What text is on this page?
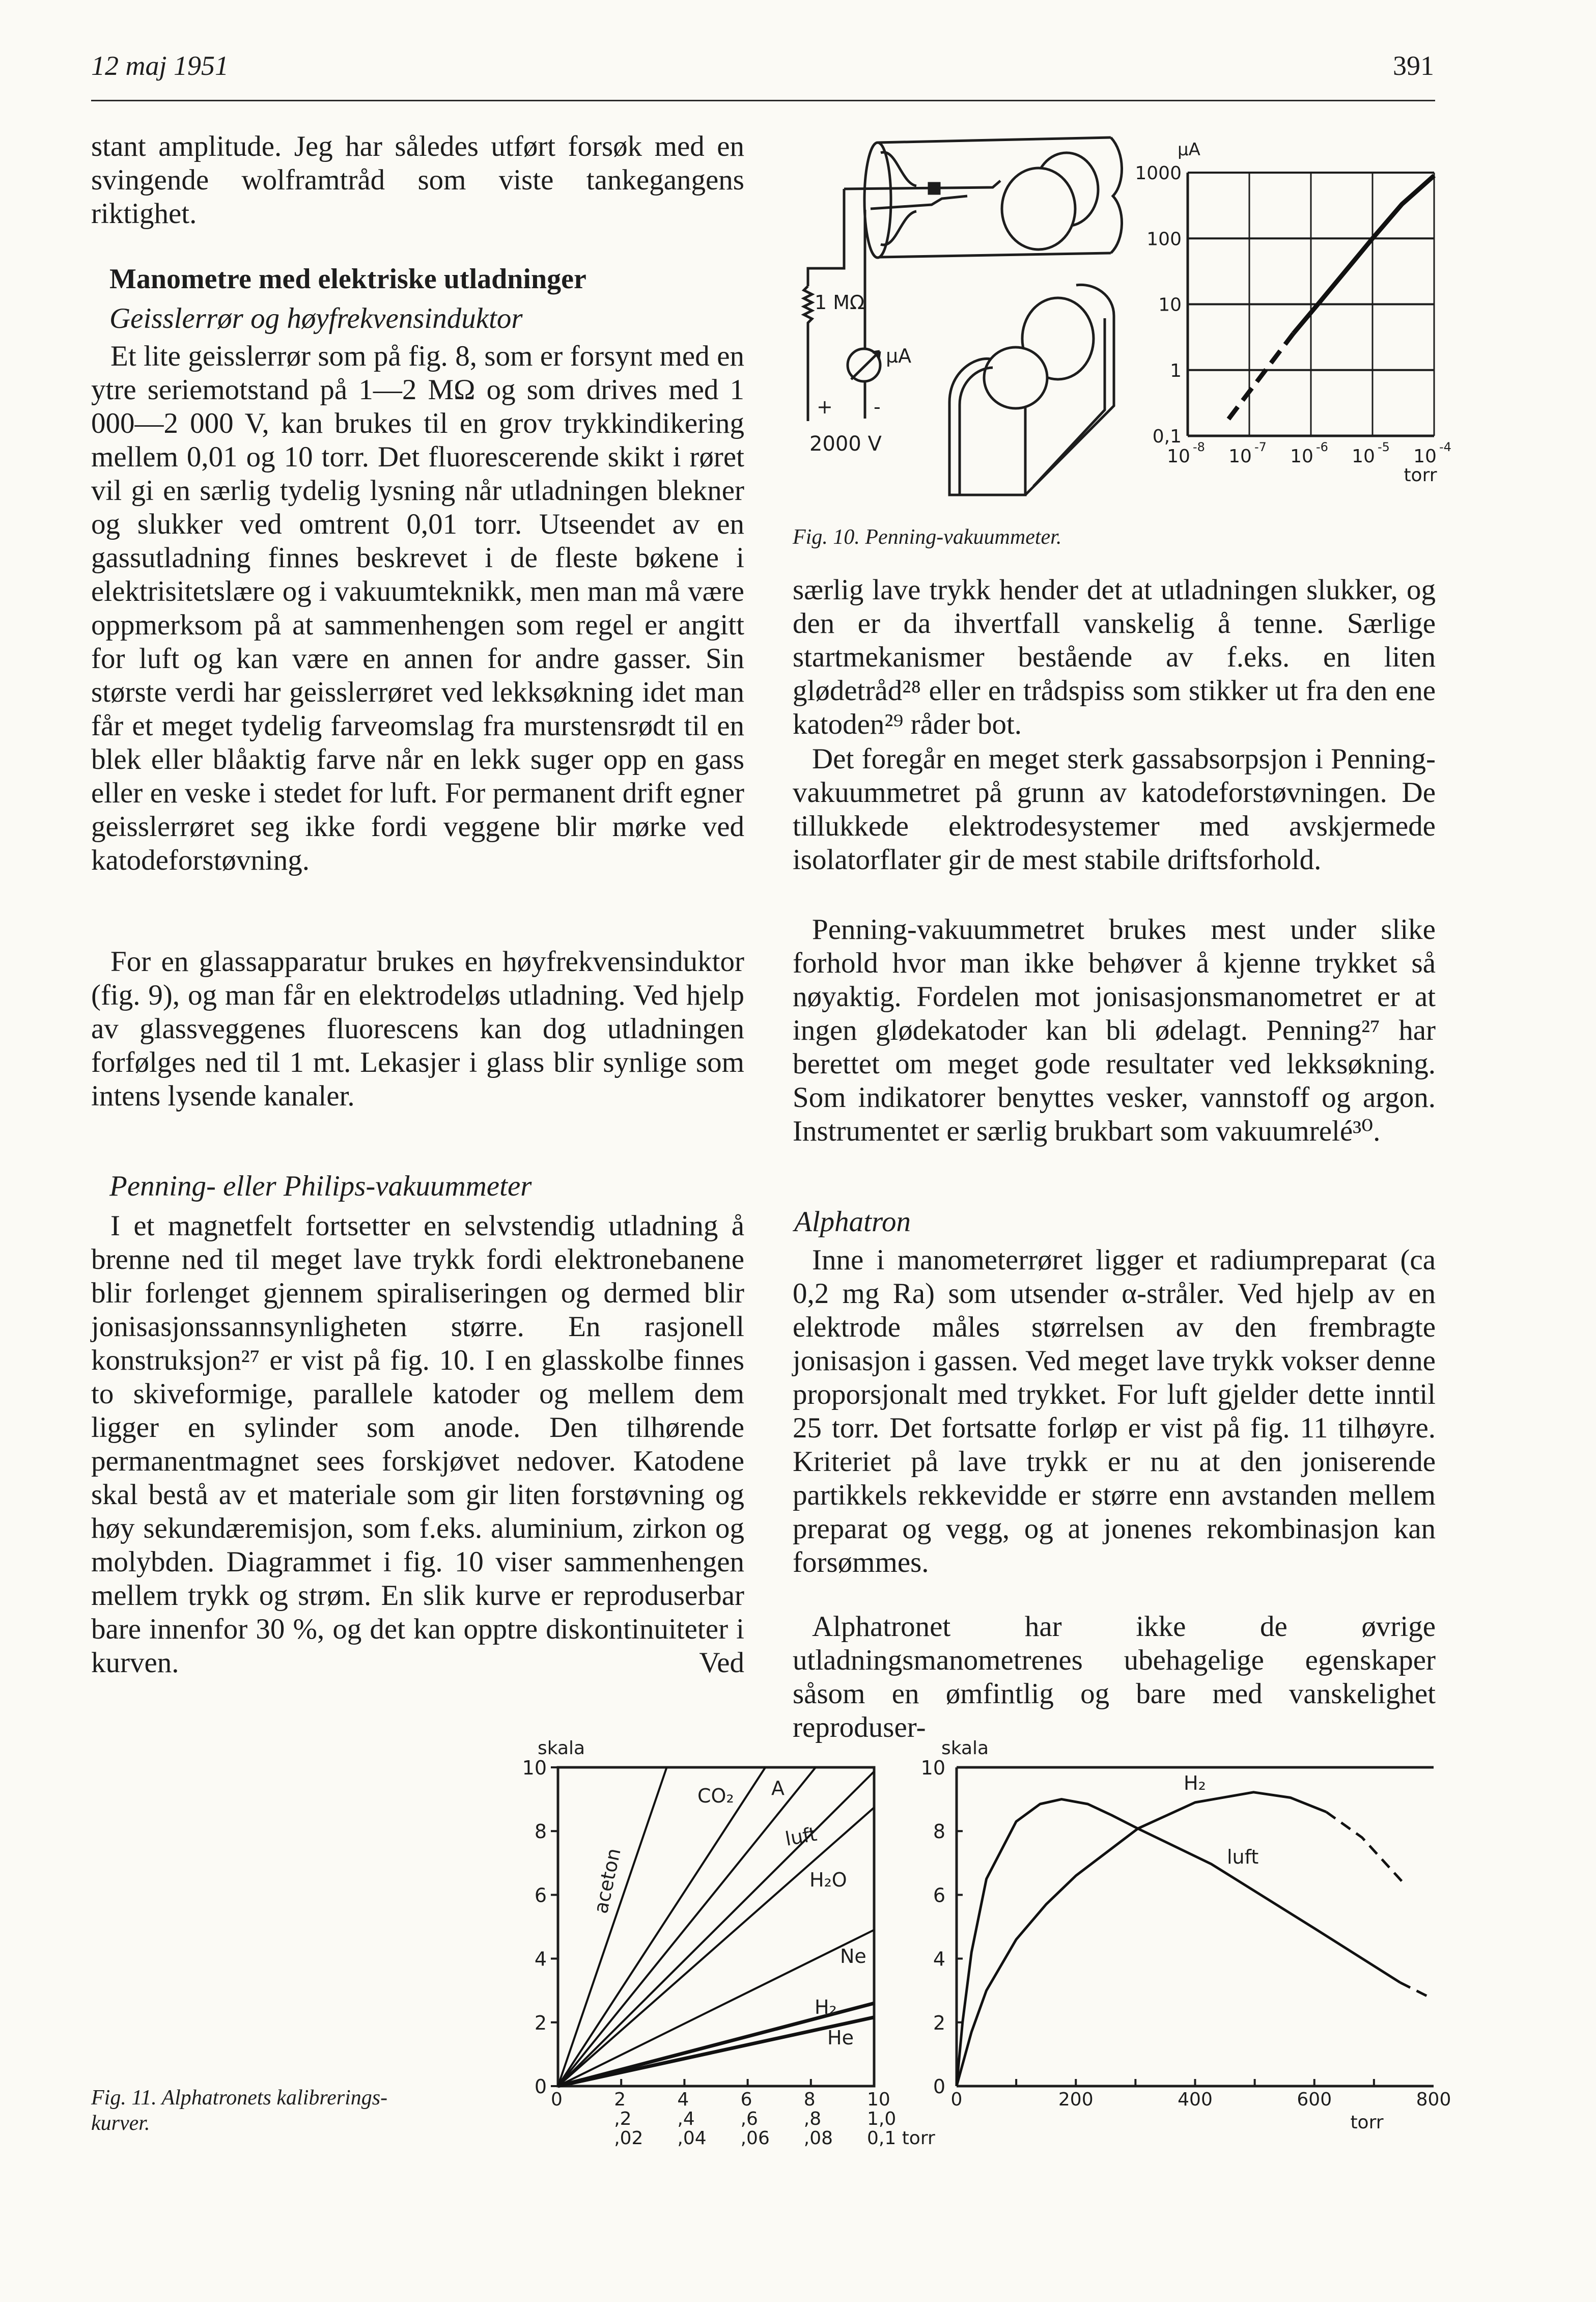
12 maj 1951	391
stant amplitude. Jeg har således utført forsøk med en svingende wolframtråd som viste tankegangens riktighet.
Manometre med elektriske utladninger
Geisslerrør og høyfrekvensinduktor
Et lite geisslerrør som på fig. 8, som er forsynt med en ytre seriemotstand på 1—2 MΩ og som drives med 1 000—2 000 V, kan brukes til en grov trykkindikering mellem 0,01 og 10 torr. Det fluorescerende skikt i røret vil gi en særlig tydelig lysning når utladningen blekner og slukker ved omtrent 0,01 torr. Utseendet av en gassutladning finnes beskrevet i de fleste bøkene i elektrisitetslære og i vakuumteknikk, men man må være oppmerksom på at sammenhengen som regel er angitt for luft og kan være en annen for andre gasser. Sin største verdi har geisslerrøret ved lekksøkning idet man får et meget tydelig farveomslag fra murstensrødt til en blek eller blåaktig farve når en lekk suger opp en gass eller en veske i stedet for luft. For permanent drift egner geisslerrøret seg ikke fordi veggene blir mørke ved katodeforstøvning.
For en glassapparatur brukes en høyfrekvensinduktor (fig. 9), og man får en elektrodeløs utladning. Ved hjelp av glassveggenes fluorescens kan dog utladningen forfølges ned til 1 mt. Lekasjer i glass blir synlige som intens lysende kanaler.
Penning- eller Philips-vakuummeter
I et magnetfelt fortsetter en selvstendig utladning å brenne ned til meget lave trykk fordi elektronebanene blir forlenget gjennem spiraliseringen og dermed blir jonisasjonssannsynligheten større. En rasjonell konstruksjon²⁷ er vist på fig. 10. I en glasskolbe finnes to skiveformige, parallele katoder og mellem dem ligger en sylinder som anode. Den tilhørende permanentmagnet sees forskjøvet nedover. Katodene skal bestå av et materiale som gir liten forstøvning og høy sekundæremisjon, som f.eks. aluminium, zirkon og molybden. Diagrammet i fig. 10 viser sammenhengen mellem trykk og strøm. En slik kurve er reproduserbar bare innenfor 30 %, og det kan opptre diskontinuiteter i kurven. Ved
særlig lave trykk hender det at utladningen slukker, og den er da ihvertfall vanskelig å tenne. Særlige startmekanismer bestående av f.eks. en liten glødetråd²⁸ eller en trådspiss som stikker ut fra den ene katoden²⁹ råder bot.
Det foregår en meget sterk gassabsorpsjon i Penning-vakuummetret på grunn av katodeforstøvningen. De tillukkede elektrodesystemer med avskjermede isolatorflater gir de mest stabile driftsforhold.
Penning-vakuummetret brukes mest under slike forhold hvor man ikke behøver å kjenne trykket så nøyaktig. Fordelen mot jonisasjonsmanometret er at ingen glødekatoder kan bli ødelagt. Penning²⁷ har berettet om meget gode resultater ved lekksøkning. Som indikatorer benyttes vesker, vannstoff og argon. Instrumentet er særlig brukbart som vakuumrelé³⁰.
Alphatron
Inne i manometerrøret ligger et radiumpreparat (ca 0,2 mg Ra) som utsender α-stråler. Ved hjelp av en elektrode måles størrelsen av den frembragte jonisasjon i gassen. Ved meget lave trykk vokser denne proporsjonalt med trykket. For luft gjelder dette inntil 25 torr. Det fortsatte forløp er vist på fig. 11 tilhøyre. Kriteriet på lave trykk er nu at den joniserende partikkels rekkevidde er større enn avstanden mellem preparat og vegg, og at jonenes rekombinasjon kan forsømmes.
Alphatronet har ikke de øvrige utladningsmanometrenes ubehagelige egenskaper såsom en ømfintlig og bare med vanskelighet reproduser-
Fig. 10. Penning-vakuummeter.
Fig. 11. Alphatronets kalibrerings-
kurver.
1 MΩ
µA
+ -
2000 V
1000
100
10
1
0,1
10 -8 10 -7 10 -6 10 -5 10 -4
µA
torr
0
2
4
6
8
10
skala
0	2	4	6	8	10
,2 ,4 ,6 ,8 1,0
,02 ,04 ,06 ,08 0,1 torr
aceton
CO₂ A
luft
H₂O
Ne
H₂
He
0
2
4
6
8
10
0	200	400	600	800
skala
torr
luft
H₂
